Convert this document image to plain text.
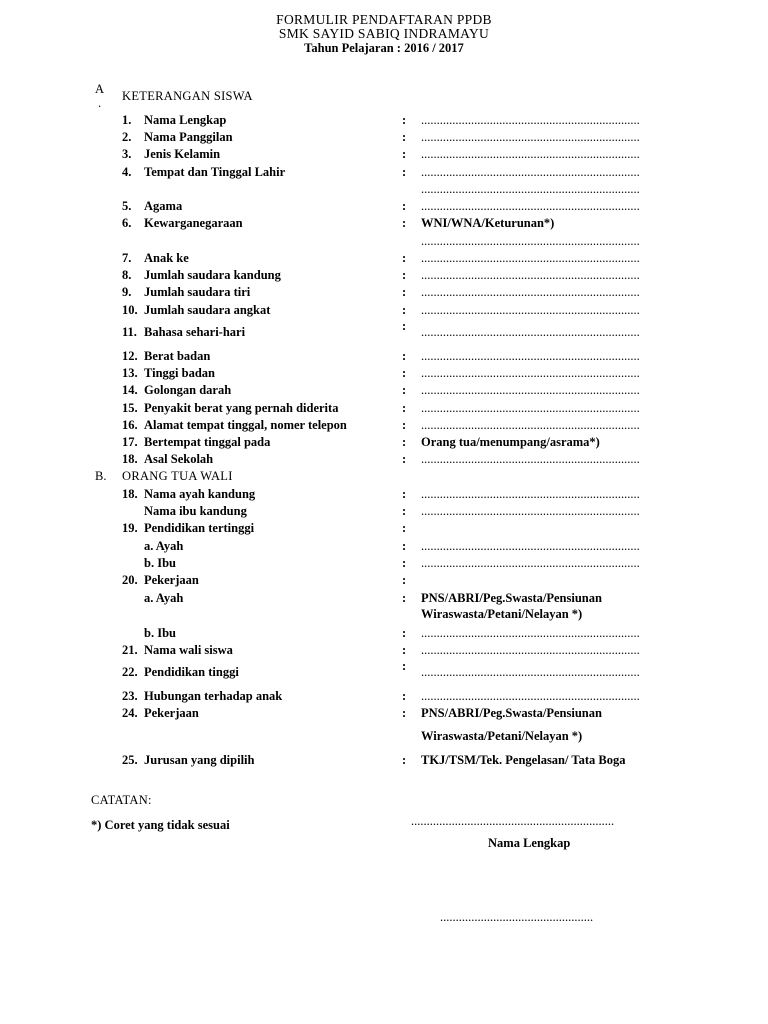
FORMULIR PENDAFTARAN PPDB
SMK SAYID SABIQ INDRAMAYU
Tahun Pelajaran : 2016 / 2017
A
. KETERANGAN SISWA
1. Nama Lengkap	: ......................................................................
2. Nama Panggilan	: ......................................................................
3. Jenis Kelamin	: ......................................................................
4. Tempat dan Tinggal Lahir	: ......................................................................
......................................................................
5. Agama	: ......................................................................
6. Kewarganegaraan	: WNI/WNA/Keturunan*)
......................................................................
7. Anak ke	: ......................................................................
8. Jumlah saudara kandung	: ......................................................................
9. Jumlah saudara tiri	: ......................................................................
10. Jumlah saudara angkat	: ......................................................................
11. Bahasa sehari-hari	: ......................................................................
12. Berat badan	: ......................................................................
13. Tinggi badan	: ......................................................................
14. Golongan darah	: ......................................................................
15. Penyakit berat yang pernah diderita	: ......................................................................
16. Alamat tempat tinggal, nomer telepon	: ......................................................................
17. Bertempat tinggal pada	: Orang tua/menumpang/asrama*)
18. Asal Sekolah	: ......................................................................
B. ORANG TUA WALI
18. Nama ayah kandung	: ......................................................................
Nama ibu kandung	: ......................................................................
19. Pendidikan tertinggi	:
a. Ayah	: ......................................................................
b. Ibu	: ......................................................................
20. Pekerjaan	:
a. Ayah	: PNS/ABRI/Peg.Swasta/Pensiunan
Wiraswasta/Petani/Nelayan *)
b. Ibu	: ......................................................................
21. Nama wali siswa	: ......................................................................
22. Pendidikan tinggi	: ......................................................................
23. Hubungan terhadap anak	: ......................................................................
24. Pekerjaan	: PNS/ABRI/Peg.Swasta/Pensiunan
Wiraswasta/Petani/Nelayan *)
25. Jurusan yang dipilih	: TKJ/TSM/Tek. Pengelasan/ Tata Boga
CATATAN:
*) Coret yang tidak sesuai	.................................................................
Nama Lengkap
.................................................
